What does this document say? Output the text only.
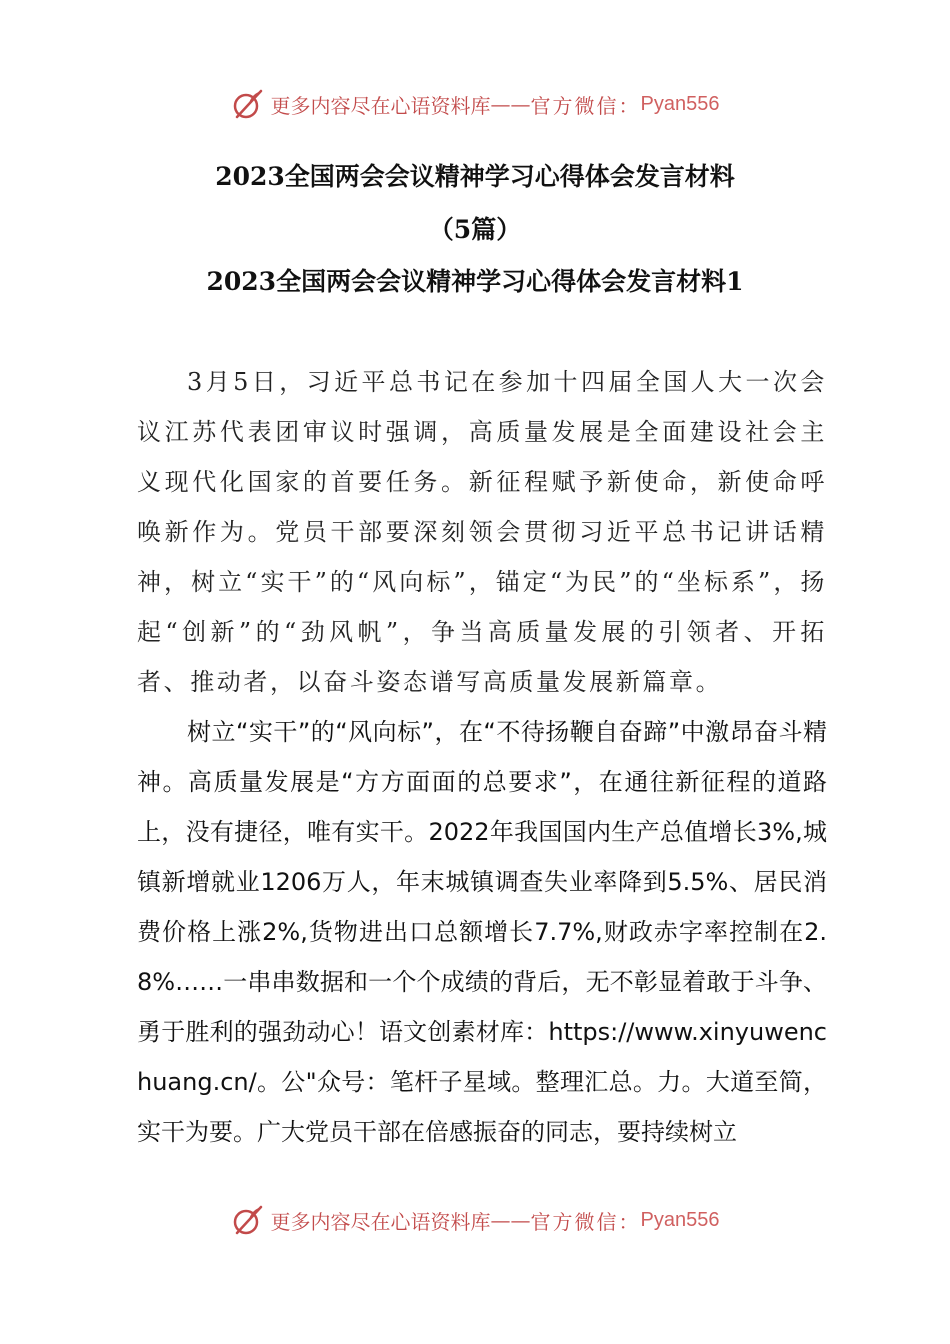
更多内容尽在心语资料库 —— 官方微信： Pyan556
2023全国两会会议精神学习心得体会发言材料
（5篇）
2023全国两会会议精神学习心得体会发言材料1

3月5日，习近平总书记在参加十四届全国人大一次会议江苏代表团审议时强调，高质量发展是全面建设社会主义现代化国家的首要任务。新征程赋予新使命，新使命呼唤新作为。党员干部要深刻领会贯彻习近平总书记讲话精神，树立“实干”的“风向标”，锚定“为民”的“坐标系”，扬起“创新”的“劲风帆”，争当高质量发展的引领者、开拓者、推动者，以奋斗姿态谱写高质量发展新篇章。

树立“实干”的“风向标”，在“不待扬鞭自奋蹄”中激昂奋斗精神。高质量发展是“方方面面的总要求”，在通往新征程的道路上，没有捷径，唯有实干。2022年我国国内生产总值增长3%,城镇新增就业1206万人，年末城镇调查失业率降到5.5%、居民消费价格上涨2%,货物进出口总额增长7.7%,财政赤字率控制在2.8%……一串串数据和一个个成绩的背后，无不彰显着敢于斗争、勇于胜利的强劲动心！语文创素材库：https://www.xinyuwenchuang.cn/。公"众号：笔杆子星域。整理汇总。力。大道至简，实干为要。广大党员干部在倍感振奋的同志，要持续树立

更多内容尽在心语资料库 —— 官方微信： Pyan556
